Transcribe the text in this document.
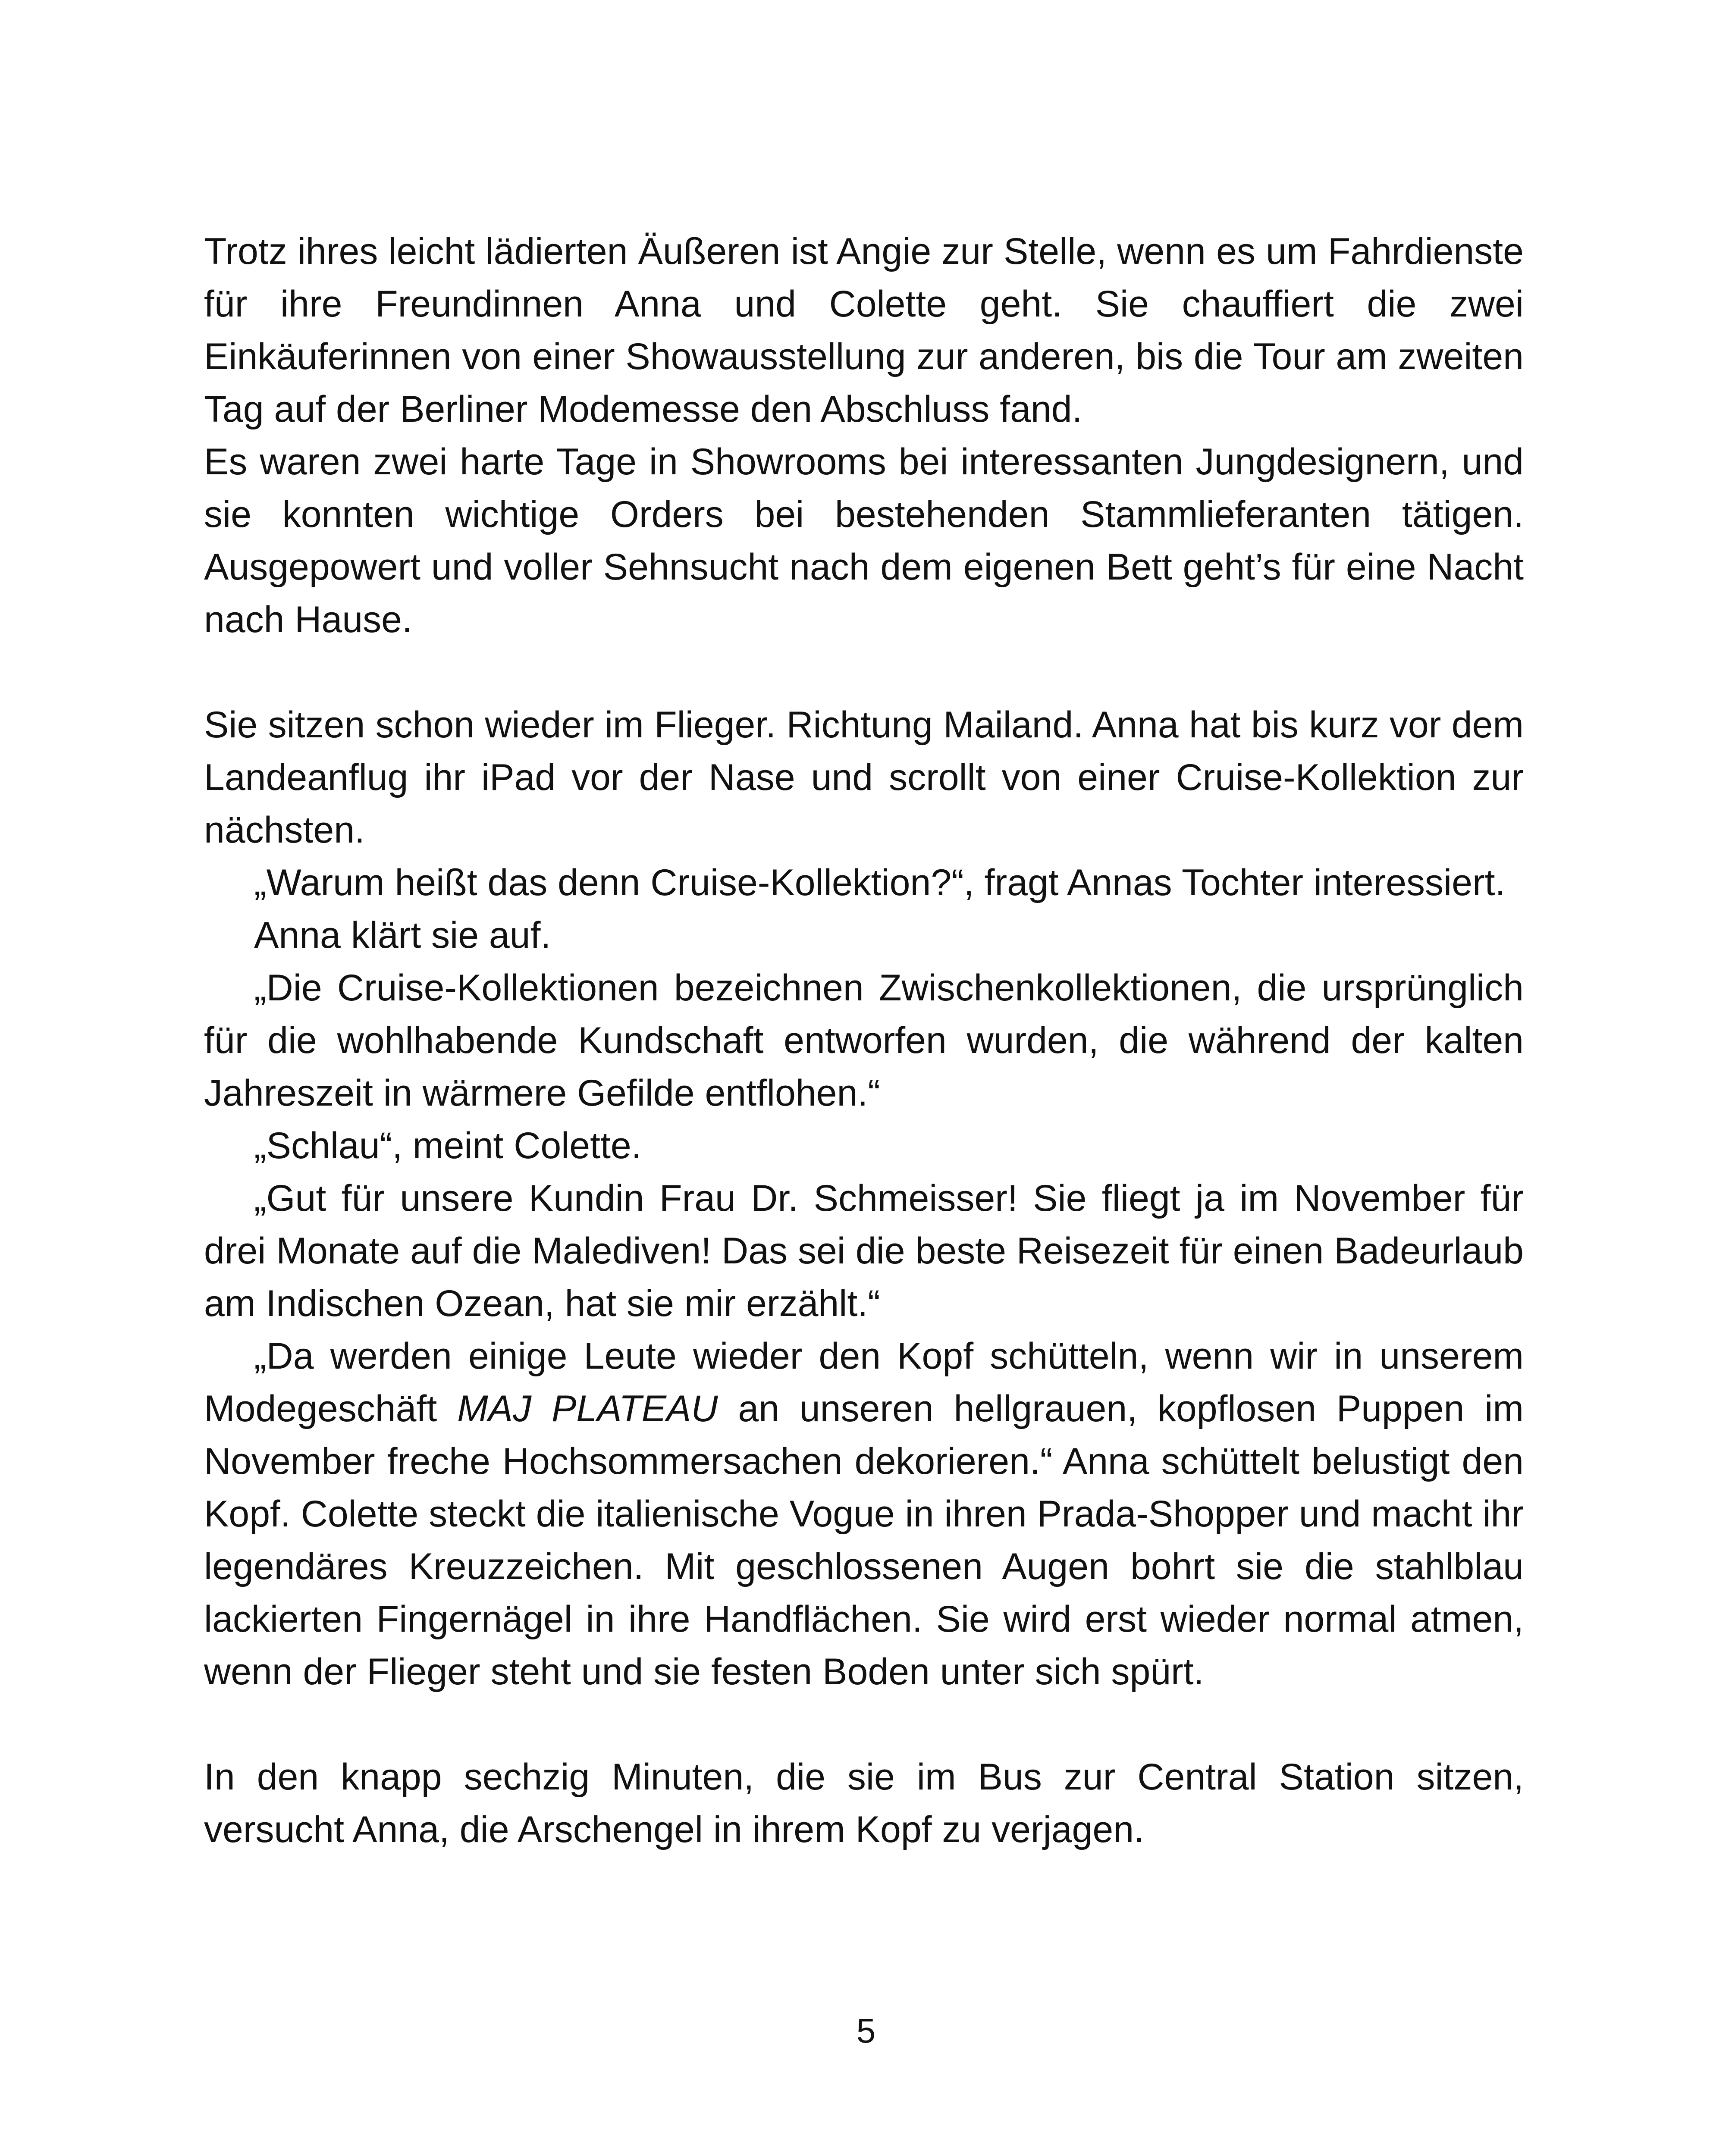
Trotz ihres leicht lädierten Äußeren ist Angie zur Stelle, wenn es um Fahrdienste für ihre Freundinnen Anna und Colette geht. Sie chauffiert die zwei Einkäuferinnen von einer Showausstellung zur anderen, bis die Tour am zweiten Tag auf der Berliner Modemesse den Abschluss fand.

Es waren zwei harte Tage in Showrooms bei interessanten Jungdesignern, und sie konnten wichtige Orders bei bestehenden Stammlieferanten tätigen. Ausgepowert und voller Sehnsucht nach dem eigenen Bett geht’s für eine Nacht nach Hause.

Sie sitzen schon wieder im Flieger. Richtung Mailand. Anna hat bis kurz vor dem Landeanflug ihr iPad vor der Nase und scrollt von einer Cruise-Kollektion zur nächsten.

„Warum heißt das denn Cruise-Kollektion?“, fragt Annas Tochter interessiert.

Anna klärt sie auf.

„Die Cruise-Kollektionen bezeichnen Zwischenkollektionen, die ursprünglich für die wohlhabende Kundschaft entworfen wurden, die während der kalten Jahreszeit in wärmere Gefilde entflohen.“

„Schlau“, meint Colette.

„Gut für unsere Kundin Frau Dr. Schmeisser! Sie fliegt ja im November für drei Monate auf die Malediven! Das sei die beste Reisezeit für einen Badeurlaub am Indischen Ozean, hat sie mir erzählt.“

„Da werden einige Leute wieder den Kopf schütteln, wenn wir in unserem Modegeschäft MAJ PLATEAU an unseren hellgrauen, kopflosen Puppen im November freche Hochsommersachen dekorieren.“ Anna schüttelt belustigt den Kopf. Colette steckt die italienische Vogue in ihren Prada-Shopper und macht ihr legendäres Kreuzzeichen. Mit geschlossenen Augen bohrt sie die stahlblau lackierten Fingernägel in ihre Handflächen. Sie wird erst wieder normal atmen, wenn der Flieger steht und sie festen Boden unter sich spürt.

In den knapp sechzig Minuten, die sie im Bus zur Central Station sitzen, versucht Anna, die Arschengel in ihrem Kopf zu verjagen.

5
